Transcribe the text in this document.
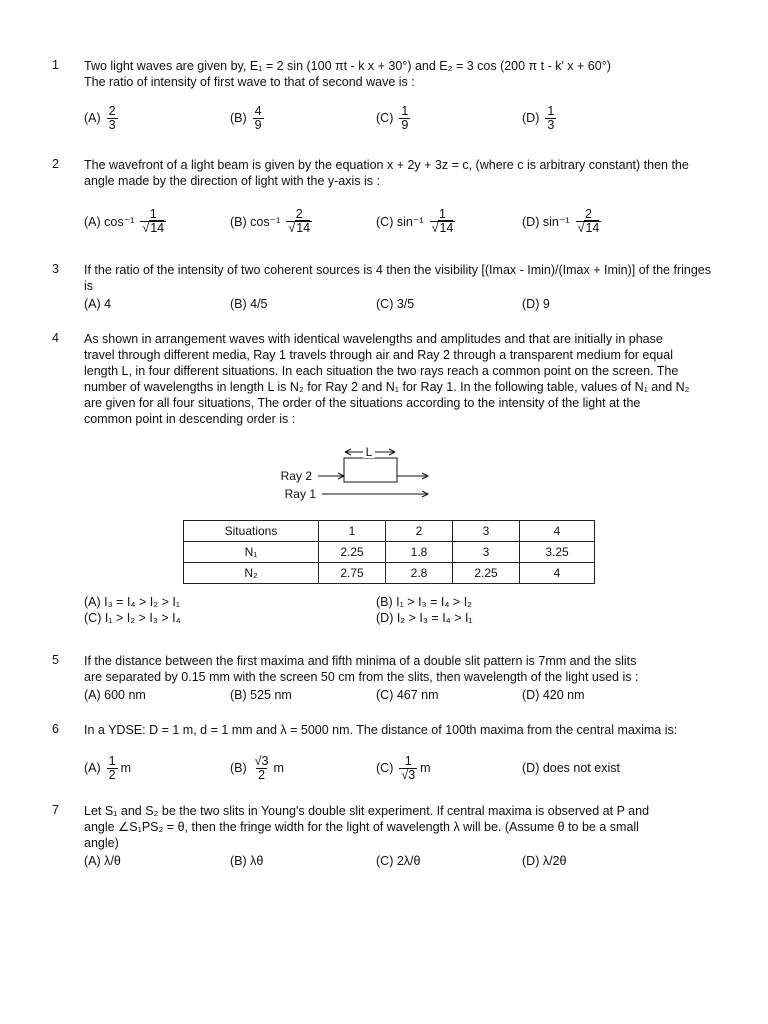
1	Two light waves are given by, E₁ = 2 sin (100 πt - k x + 30°) and E₂ = 3 cos (200 π t - k′ x + 60°)
The ratio of intensity of first wave to that of second wave is :
$(A) \frac{2}{3}$	$(B) \frac{4}{9}$	$(C) \frac{1}{9}$	$(D) \frac{1}{3}$
2	The wavefront of a light beam is given by the equation x + 2y + 3z = c, (where c is arbitrary constant) then the
angle made by the direction of light with the y-axis is :
(A) $\cos^{-1} \frac{1}{√14}$	(B) $\cos^{-1} \frac{2}{√14}$	(C) $\sin^{-1} \frac{1}{√14}$	(D) $\sin^{-1} \frac{2}{√14}$
3	If the ratio of the intensity of two coherent sources is 4 then the visibility [(Imax - Imin)/(Imax + Imin)] of the fringes
is
(A) 4	(B) 4/5	(C) 3/5	(D) 9
4	As shown in arrangement waves with identical wavelengths and amplitudes and that are initially in phase
travel through different media, Ray 1 travels through air and Ray 2 through a transparent medium for equal
length L, in four different situations. In each situation the two rays reach a common point on the screen. The
number of wavelengths in length L is N₂ for Ray 2 and N₁ for Ray 1. In the following table, values of N₁ and N₂
are given for all four situations, The order of the situations according to the intensity of the light at the
common point in descending order is :
L
Ray 2
Ray 1
Situations	1	2	3	4
N₁	2.25	1.8	3	3.25
N₂	2.75	2.8	2.25	4
(A) I₃ = I₄ > I₂ > I₁	(B) I₁ > I₃ = I₄ > I₂
(C) I₁ > I₂ > I₃ > I₄	(D) I₂ > I₃ = I₄ > I₁
5	If the distance between the first maxima and fifth minima of a double slit pattern is 7mm and the slits
are separated by 0.15 mm with the screen 50 cm from the slits, then wavelength of the light used is :
(A) 600 nm	(B) 525 nm	(C) 467 nm	(D) 420 nm
6	In a YDSE: D = 1 m, d = 1 mm and λ = 5000 nm. The distance of 100th maxima from the central maxima is:
$(A) \frac{1}{2}$ m	$(B) \frac{√3}{2}$ m	$(C) \frac{1}{√3}$ m	(D) does not exist
7	Let S₁ and S₂ be the two slits in Young's double slit experiment. If central maxima is observed at P and
angle ∠S₁PS₂ = θ, then the fringe width for the light of wavelength λ will be. (Assume θ to be a small
angle)
(A) λ/θ	(B) λθ	(C) 2λ/θ	(D) λ/2θ
